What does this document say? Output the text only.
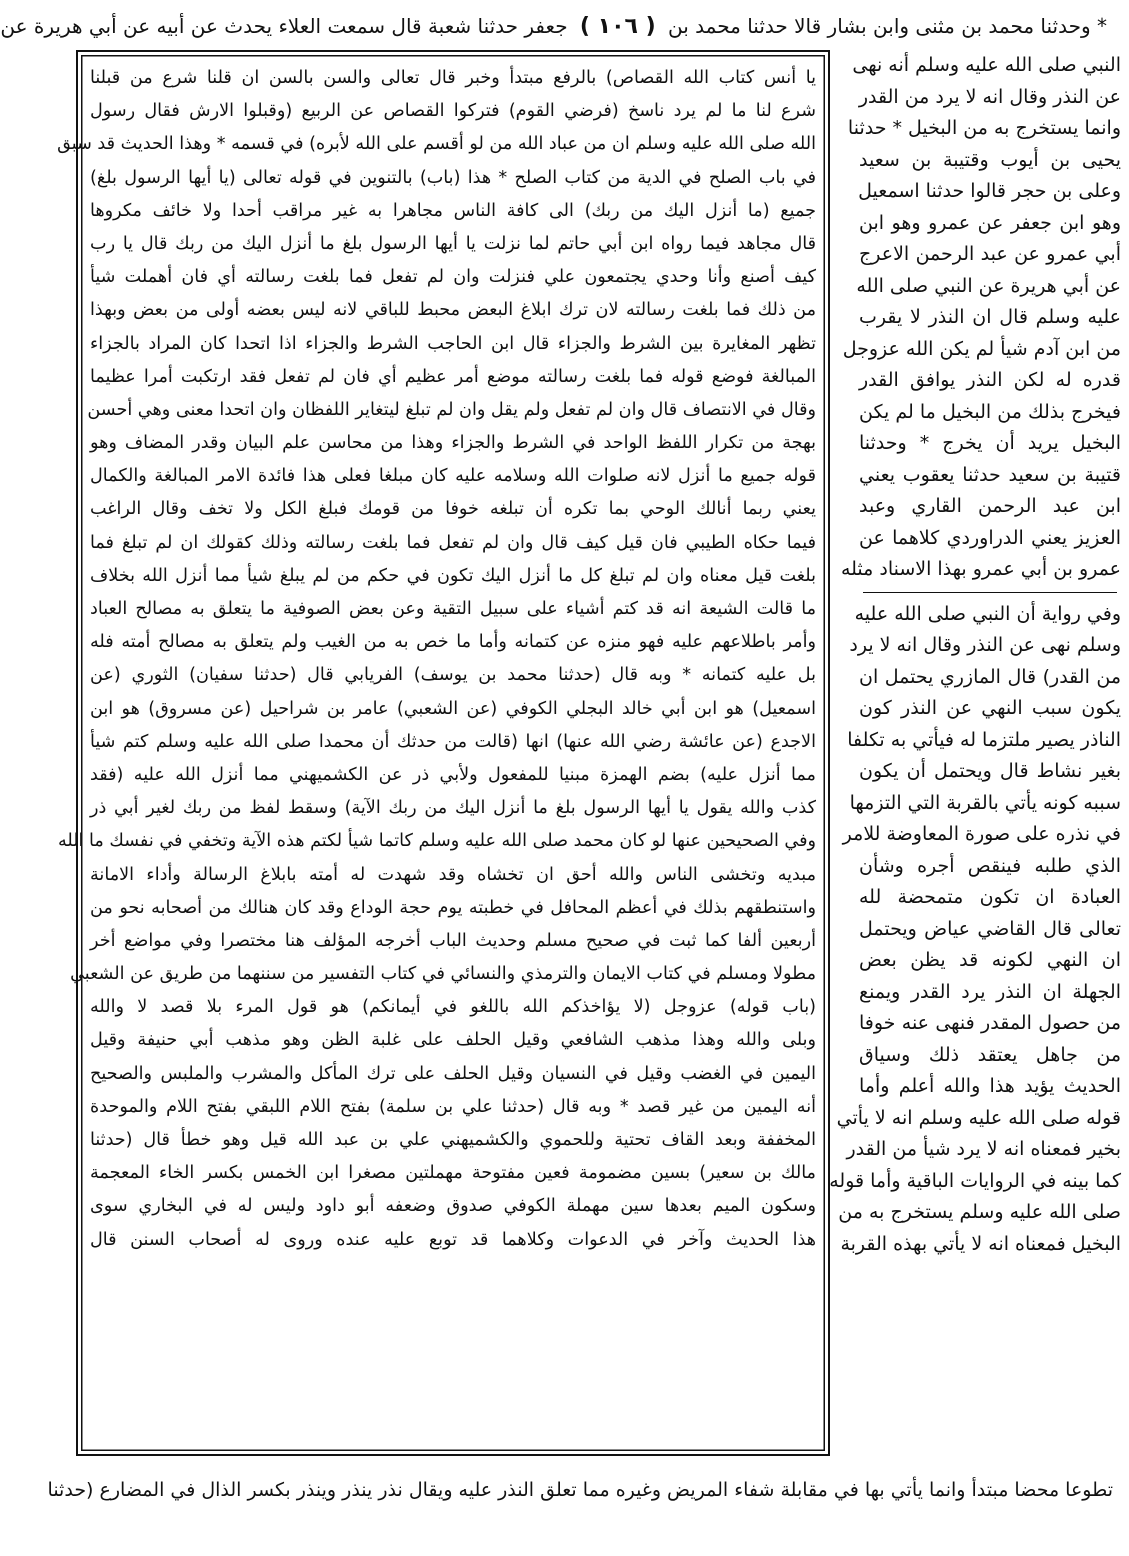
* وحدثنا محمد بن مثنى وابن بشار قالا حدثنا محمد بن ( ١٠٦ ) جعفر حدثنا شعبة قال سمعت العلاء يحدث عن أبيه عن أبي هريرة عن

النبي صلى الله عليه وسلم أنه نهى

عن النذر وقال انه لا يرد من القدر

وانما يستخرج به من البخيل * حدثنا

يحيى بن أيوب وقتيبة بن سعيد

وعلى بن حجر قالوا حدثنا اسمعيل

وهو ابن جعفر عن عمرو وهو ابن

أبي عمرو عن عبد الرحمن الاعرج

عن أبي هريرة عن النبي صلى الله

عليه وسلم قال ان النذر لا يقرب

من ابن آدم شيأ لم يكن الله عزوجل

قدره له لكن النذر يوافق القدر

فيخرج بذلك من البخيل ما لم يكن

البخيل يريد أن يخرج * وحدثنا

قتيبة بن سعيد حدثنا يعقوب يعني

ابن عبد الرحمن القاري وعبد

العزيز يعني الدراوردي كلاهما عن

عمرو بن أبي عمرو بهذا الاسناد مثله

وفي رواية أن النبي صلى الله عليه

وسلم نهى عن النذر وقال انه لا يرد

من القدر) قال المازري يحتمل ان

يكون سبب النهي عن النذر كون

الناذر يصير ملتزما له فيأتي به تكلفا

بغير نشاط قال ويحتمل أن يكون

سببه كونه يأتي بالقربة التي التزمها

في نذره على صورة المعاوضة للامر

الذي طلبه فينقص أجره وشأن

العبادة ان تكون متمحضة لله

تعالى قال القاضي عياض ويحتمل

ان النهي لكونه قد يظن بعض

الجهلة ان النذر يرد القدر ويمنع

من حصول المقدر فنهى عنه خوفا

من جاهل يعتقد ذلك وسياق

الحديث يؤيد هذا والله أعلم وأما

قوله صلى الله عليه وسلم انه لا يأتي

بخير فمعناه انه لا يرد شيأ من القدر

كما بينه في الروايات الباقية وأما قوله

صلى الله عليه وسلم يستخرج به من

البخيل فمعناه انه لا يأتي بهذه القربة

يا أنس كتاب الله القصاص) بالرفع مبتدأ وخبر قال تعالى والسن بالسن ان قلنا شرع من قبلنا

شرع لنا ما لم يرد ناسخ (فرضي القوم) فتركوا القصاص عن الربيع (وقبلوا الارش فقال رسول

الله صلى الله عليه وسلم ان من عباد الله من لو أقسم على الله لأبره) في قسمه * وهذا الحديث قد سبق

في باب الصلح في الدية من كتاب الصلح * هذا (باب) بالتنوين في قوله تعالى (يا أيها الرسول بلغ)

جميع (ما أنزل اليك من ربك) الى كافة الناس مجاهرا به غير مراقب أحدا ولا خائف مكروها

قال مجاهد فيما رواه ابن أبي حاتم لما نزلت يا أيها الرسول بلغ ما أنزل اليك من ربك قال يا رب

كيف أصنع وأنا وحدي يجتمعون علي فنزلت وان لم تفعل فما بلغت رسالته أي فان أهملت شيأ

من ذلك فما بلغت رسالته لان ترك ابلاغ البعض محبط للباقي لانه ليس بعضه أولى من بعض وبهذا

تظهر المغايرة بين الشرط والجزاء قال ابن الحاجب الشرط والجزاء اذا اتحدا كان المراد بالجزاء

المبالغة فوضع قوله فما بلغت رسالته موضع أمر عظيم أي فان لم تفعل فقد ارتكبت أمرا عظيما

وقال في الانتصاف قال وان لم تفعل ولم يقل وان لم تبلغ ليتغاير اللفظان وان اتحدا معنى وهي أحسن

بهجة من تكرار اللفظ الواحد في الشرط والجزاء وهذا من محاسن علم البيان وقدر المضاف وهو

قوله جميع ما أنزل لانه صلوات الله وسلامه عليه كان مبلغا فعلى هذا فائدة الامر المبالغة والكمال

يعني ربما أنالك الوحي بما تكره أن تبلغه خوفا من قومك فبلغ الكل ولا تخف وقال الراغب

فيما حكاه الطيبي فان قيل كيف قال وان لم تفعل فما بلغت رسالته وذلك كقولك ان لم تبلغ فما

بلغت قيل معناه وان لم تبلغ كل ما أنزل اليك تكون في حكم من لم يبلغ شيأ مما أنزل الله بخلاف

ما قالت الشيعة انه قد كتم أشياء على سبيل التقية وعن بعض الصوفية ما يتعلق به مصالح العباد

وأمر باطلاعهم عليه فهو منزه عن كتمانه وأما ما خص به من الغيب ولم يتعلق به مصالح أمته فله

بل عليه كتمانه * وبه قال (حدثنا محمد بن يوسف) الفريابي قال (حدثنا سفيان) الثوري (عن

اسمعيل) هو ابن أبي خالد البجلي الكوفي (عن الشعبي) عامر بن شراحيل (عن مسروق) هو ابن

الاجدع (عن عائشة رضي الله عنها) انها (قالت من حدثك أن محمدا صلى الله عليه وسلم كتم شيأ

مما أنزل عليه) بضم الهمزة مبنيا للمفعول ولأبي ذر عن الكشميهني مما أنزل الله عليه (فقد

كذب والله يقول يا أيها الرسول بلغ ما أنزل اليك من ربك الآية) وسقط لفظ من ربك لغير أبي ذر

وفي الصحيحين عنها لو كان محمد صلى الله عليه وسلم كاتما شيأ لكتم هذه الآية وتخفي في نفسك ما الله

مبديه وتخشى الناس والله أحق ان تخشاه وقد شهدت له أمته بابلاغ الرسالة وأداء الامانة

واستنطقهم بذلك في أعظم المحافل في خطبته يوم حجة الوداع وقد كان هنالك من أصحابه نحو من

أربعين ألفا كما ثبت في صحيح مسلم وحديث الباب أخرجه المؤلف هنا مختصرا وفي مواضع أخر

مطولا ومسلم في كتاب الايمان والترمذي والنسائي في كتاب التفسير من سننهما من طريق عن الشعبي

(باب قوله) عزوجل (لا يؤاخذكم الله باللغو في أيمانكم) هو قول المرء بلا قصد لا والله

وبلى والله وهذا مذهب الشافعي وقيل الحلف على غلبة الظن وهو مذهب أبي حنيفة وقيل

اليمين في الغضب وقيل في النسيان وقيل الحلف على ترك المأكل والمشرب والملبس والصحيح

أنه اليمين من غير قصد * وبه قال (حدثنا علي بن سلمة) بفتح اللام اللبقي بفتح اللام والموحدة

المخففة وبعد القاف تحتية وللحموي والكشميهني علي بن عبد الله قيل وهو خطأ قال (حدثنا

مالك بن سعير) بسين مضمومة فعين مفتوحة مهملتين مصغرا ابن الخمس بكسر الخاء المعجمة

وسكون الميم بعدها سين مهملة الكوفي صدوق وضعفه أبو داود وليس له في البخاري سوى

هذا الحديث وآخر في الدعوات وكلاهما قد توبع عليه عنده وروى له أصحاب السنن قال

تطوعا محضا مبتدأ وانما يأتي بها في مقابلة شفاء المريض وغيره مما تعلق النذر عليه ويقال نذر ينذر وينذر بكسر الذال في المضارع (حدثنا
